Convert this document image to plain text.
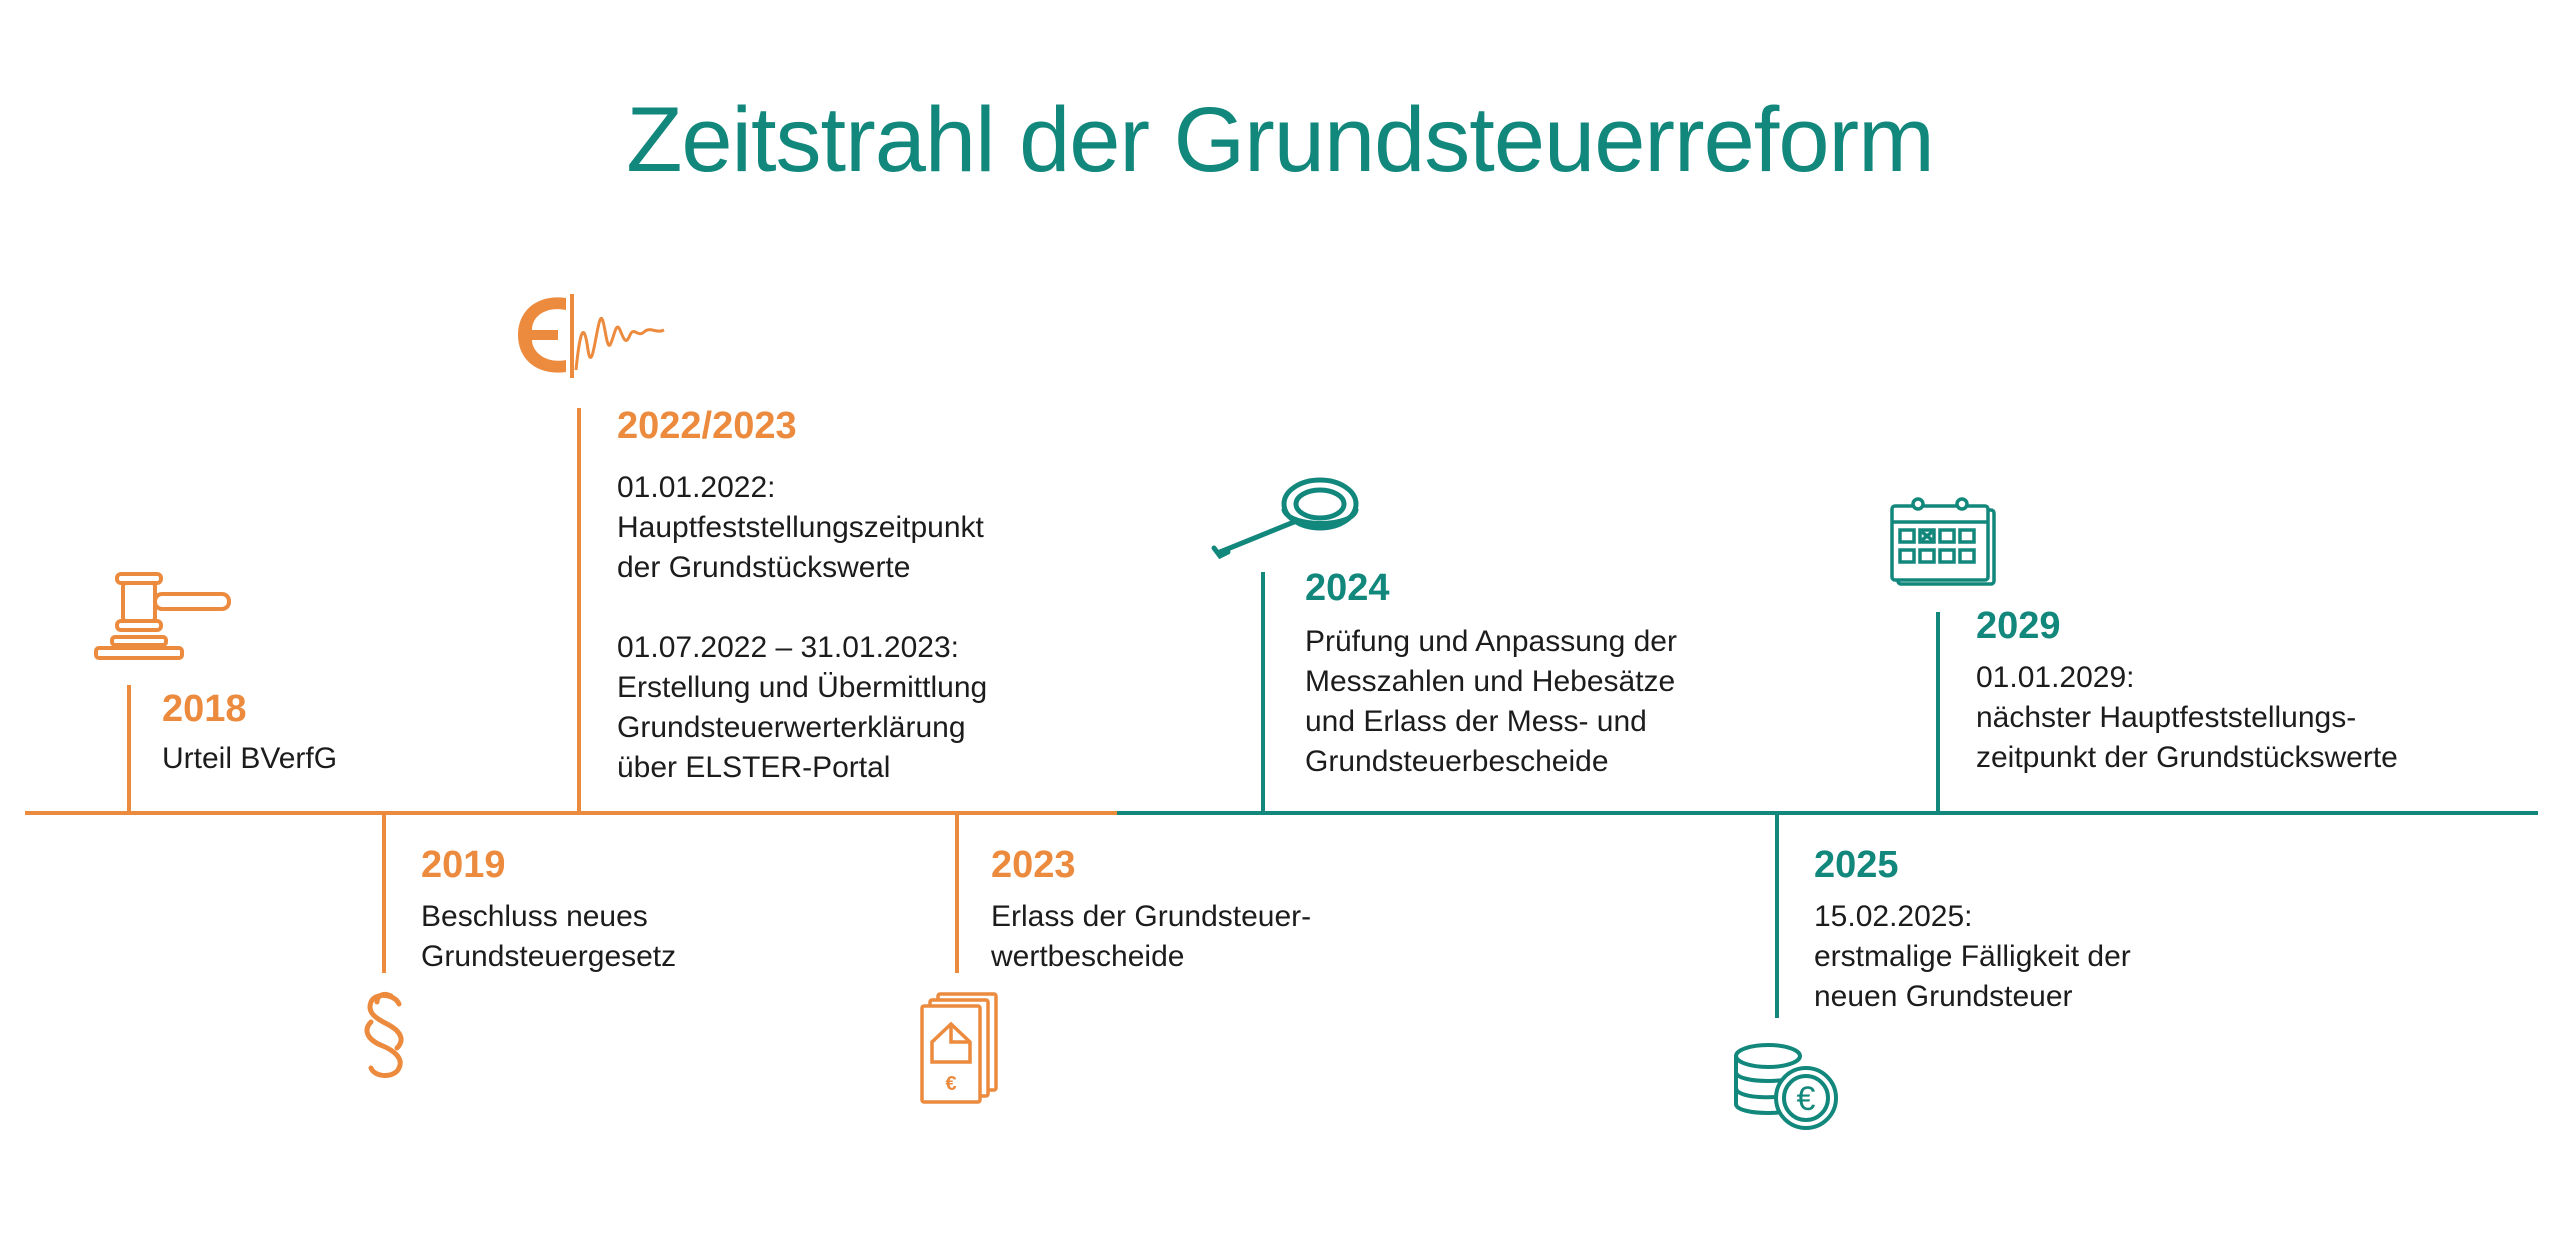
Zeitstrahl der Grundsteuerreform
2018
Urteil BVerfG
2019
Beschluss neues
Grundsteuergesetz
2022/2023
01.01.2022:
Hauptfeststellungszeitpunkt
der Grundstückswerte
01.07.2022 – 31.01.2023:
Erstellung und Übermittlung
Grundsteuerwerterklärung
über ELSTER-Portal
2023
Erlass der Grundsteuer-
wertbescheide
2024
Prüfung und Anpassung der
Messzahlen und Hebesätze
und Erlass der Mess- und
Grundsteuerbescheide
2025
15.02.2025:
erstmalige Fälligkeit der
neuen Grundsteuer
2029
01.01.2029:
nächster Hauptfeststellungs-
zeitpunkt der Grundstückswerte
€	€
